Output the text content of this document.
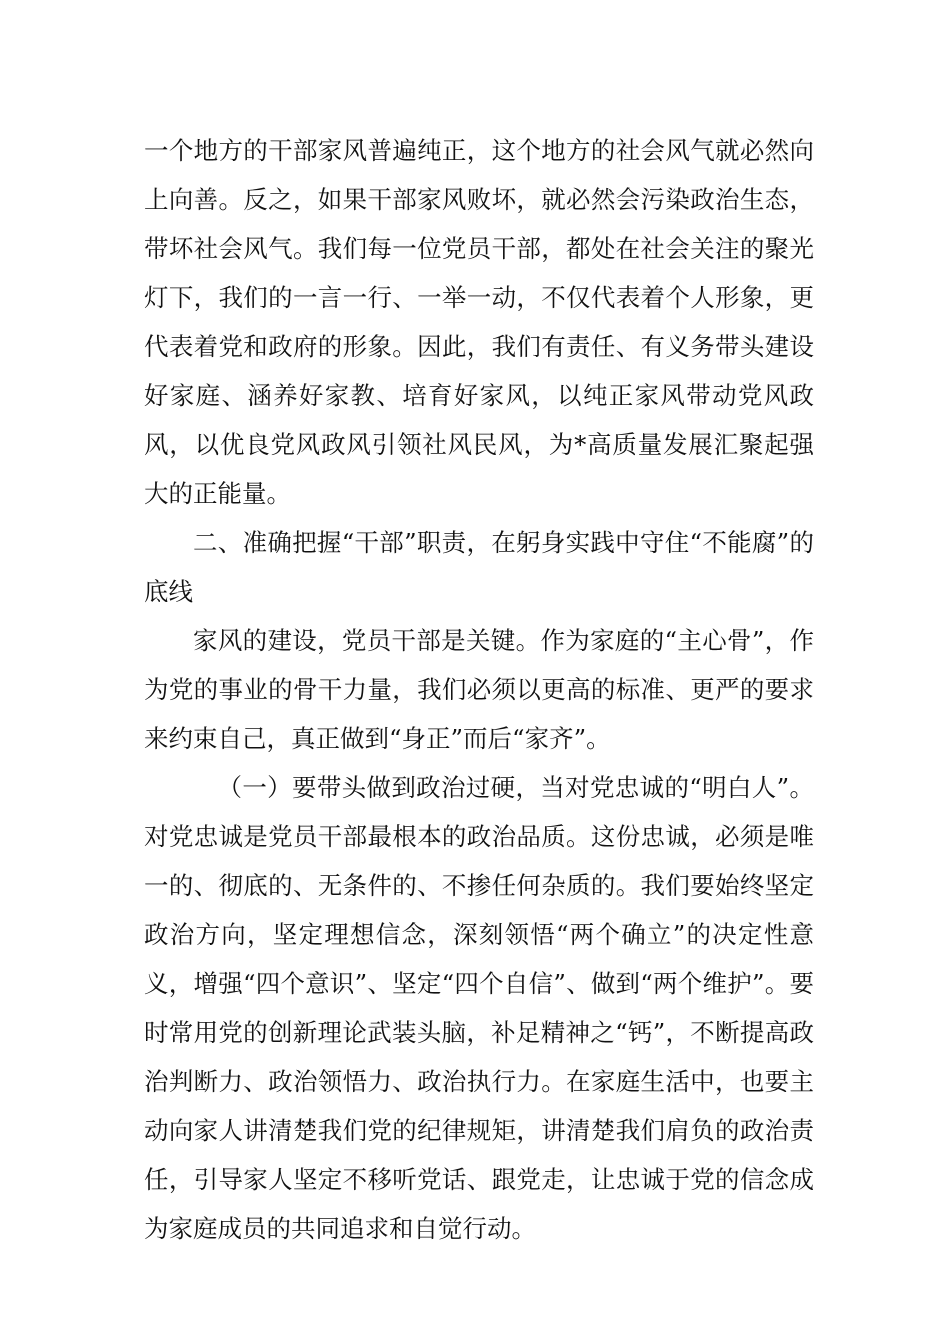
一个地方的干部家风普遍纯正，这个地方的社会风气就必然向上向善。反之，如果干部家风败坏，就必然会污染政治生态，带坏社会风气。我们每一位党员干部，都处在社会关注的聚光灯下，我们的一言一行、一举一动，不仅代表着个人形象，更代表着党和政府的形象。因此，我们有责任、有义务带头建设好家庭、涵养好家教、培育好家风，以纯正家风带动党风政风，以优良党风政风引领社风民风，为*高质量发展汇聚起强大的正能量。

二、准确把握“干部”职责，在躬身实践中守住“不能腐”的底线

家风的建设，党员干部是关键。作为家庭的“主心骨”，作为党的事业的骨干力量，我们必须以更高的标准、更严的要求来约束自己，真正做到“身正”而后“家齐”。

（一）要带头做到政治过硬，当对党忠诚的“明白人”。对党忠诚是党员干部最根本的政治品质。这份忠诚，必须是唯一的、彻底的、无条件的、不掺任何杂质的。我们要始终坚定政治方向，坚定理想信念，深刻领悟“两个确立”的决定性意义，增强“四个意识”、坚定“四个自信”、做到“两个维护”。要时常用党的创新理论武装头脑，补足精神之“钙”，不断提高政治判断力、政治领悟力、政治执行力。在家庭生活中，也要主动向家人讲清楚我们党的纪律规矩，讲清楚我们肩负的政治责任，引导家人坚定不移听党话、跟党走，让忠诚于党的信念成为家庭成员的共同追求和自觉行动。
